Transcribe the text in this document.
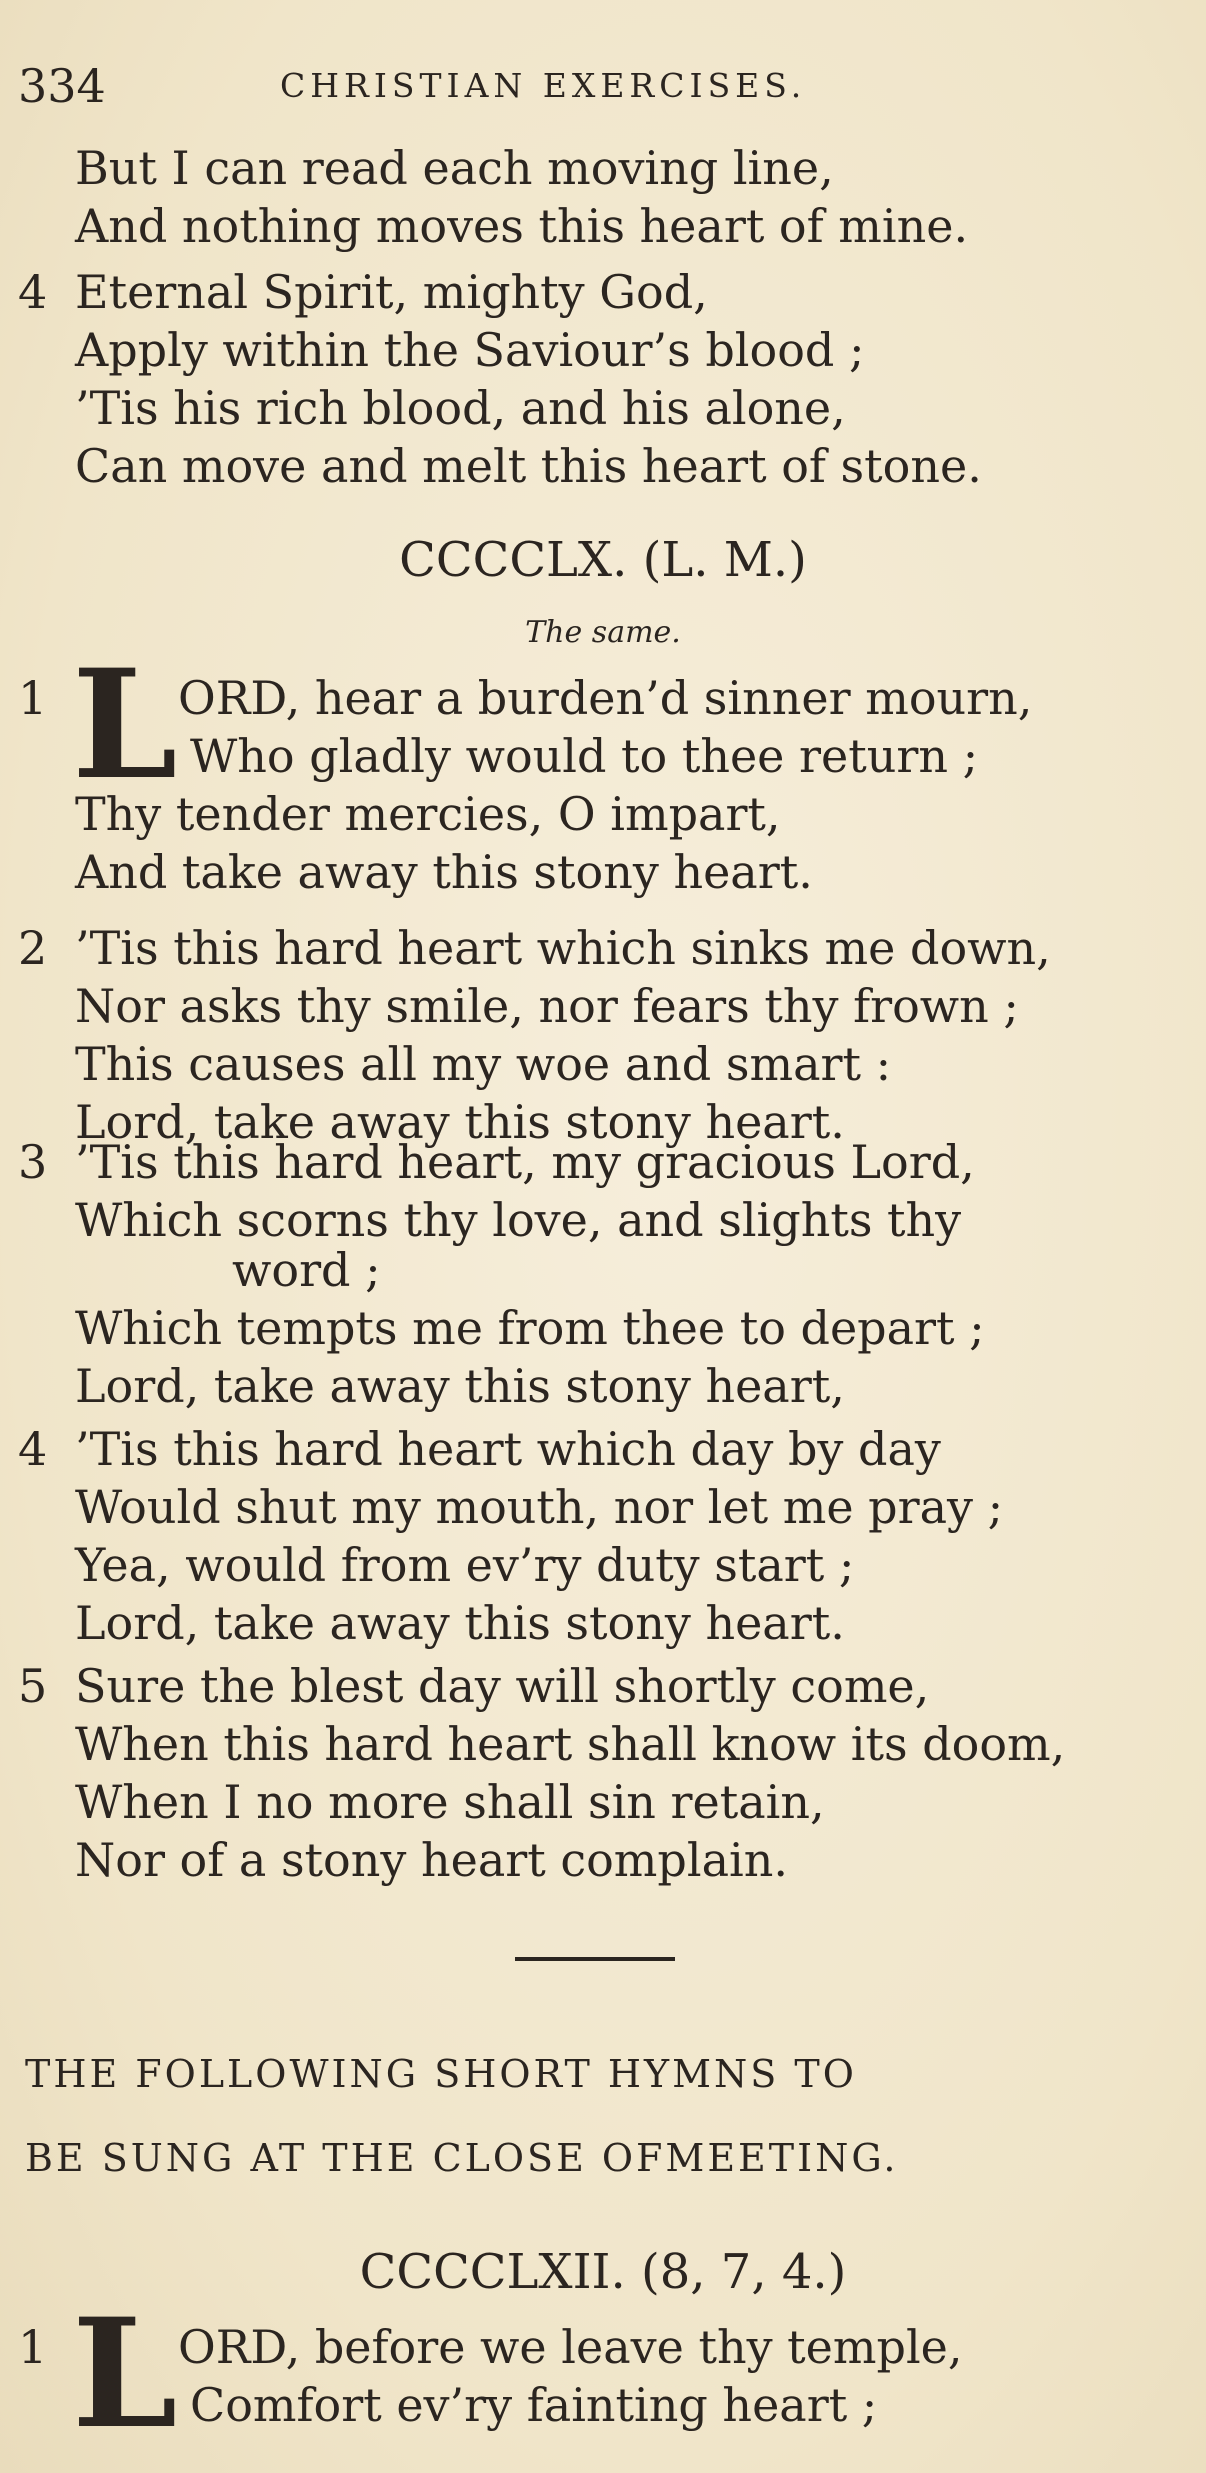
334	CHRISTIAN EXERCISES.
But I can read each moving line,
And nothing moves this heart of mine.
4 Eternal Spirit, mighty God,
Apply within the Saviour’s blood ;
’Tis his rich blood, and his alone,
Can move and melt this heart of stone.
CCCCLX. (L. M.)
The same.
1 L ORD, hear a burden’d sinner mourn,
Who gladly would to thee return ;
Thy tender mercies, O impart,
And take away this stony heart.
2 ’Tis this hard heart which sinks me down,
Nor asks thy smile, nor fears thy frown ;
This causes all my woe and smart :
Lord, take away this stony heart.
3 ’Tis this hard heart, my gracious Lord,
Which scorns thy love, and slights thy
word ;
Which tempts me from thee to depart ;
Lord, take away this stony heart,
4 ’Tis this hard heart which day by day
Would shut my mouth, nor let me pray ;
Yea, would from ev’ry duty start ;
Lord, take away this stony heart.
5 Sure the blest day will shortly come,
When this hard heart shall know its doom,
When I no more shall sin retain,
Nor of a stony heart complain.
THE FOLLOWING SHORT HYMNS TO
BE SUNG AT THE CLOSE OFMEETING.
CCCCLXII. (8, 7, 4.)
1 L ORD, before we leave thy temple,
Comfort ev’ry fainting heart ;
